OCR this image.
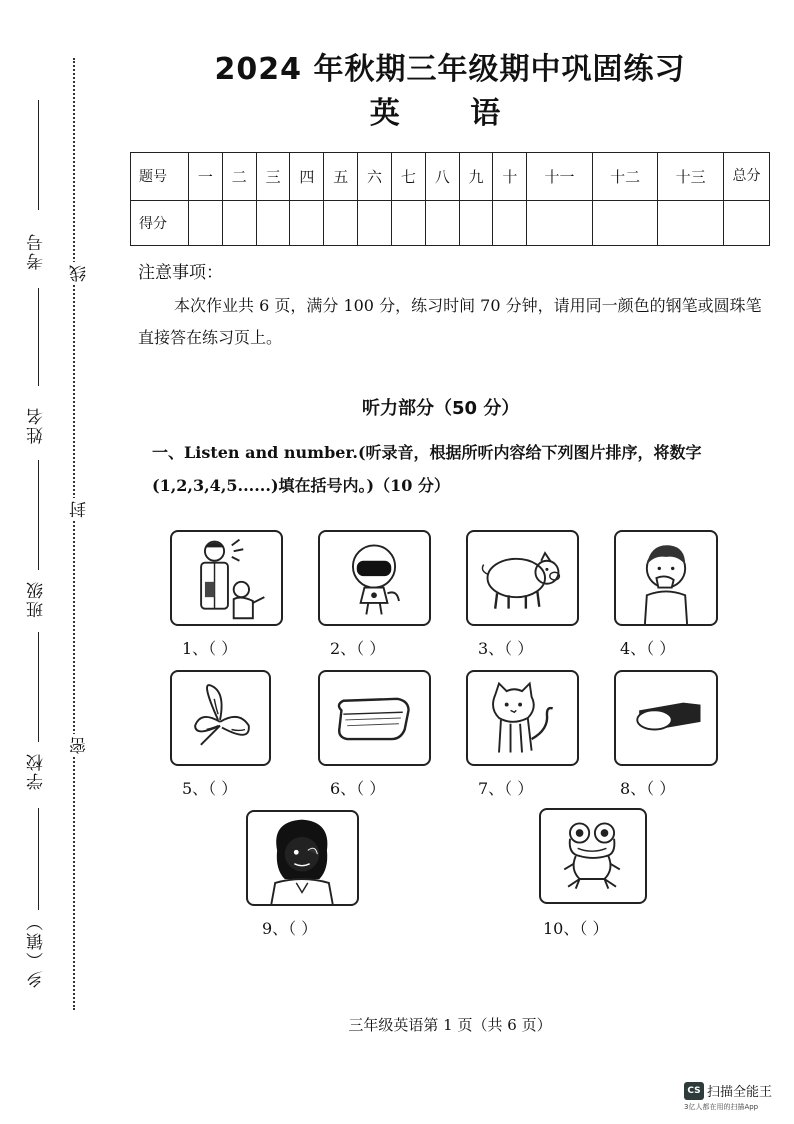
考号
姓名
班级
学校
乡（镇）
线
封
密
2024 年秋期三年级期中巩固练习
英 语
题号	一	二	三	四	五	六	七	八	九	十	十一	十二	十三	总分
得分														
注意事项：
本次作业共 6 页，满分 100 分，练习时间 70 分钟，请用同一颜色的钢笔或圆珠笔直接答在练习页上。
听力部分（50 分）
一、Listen and number.(听录音，根据所听内容给下列图片排序，将数字(1,2,3,4,5......)填在括号内。)（10 分）
1、（ ）	2、（ ）	3、（ ）	4、（ ）
5、（ ）	6、（ ）	7、（ ）	8、（ ）
9、（ ）	10、（ ）
三年级英语第 1 页（共 6 页）
CS 扫描全能王
3亿人都在用的扫描App
